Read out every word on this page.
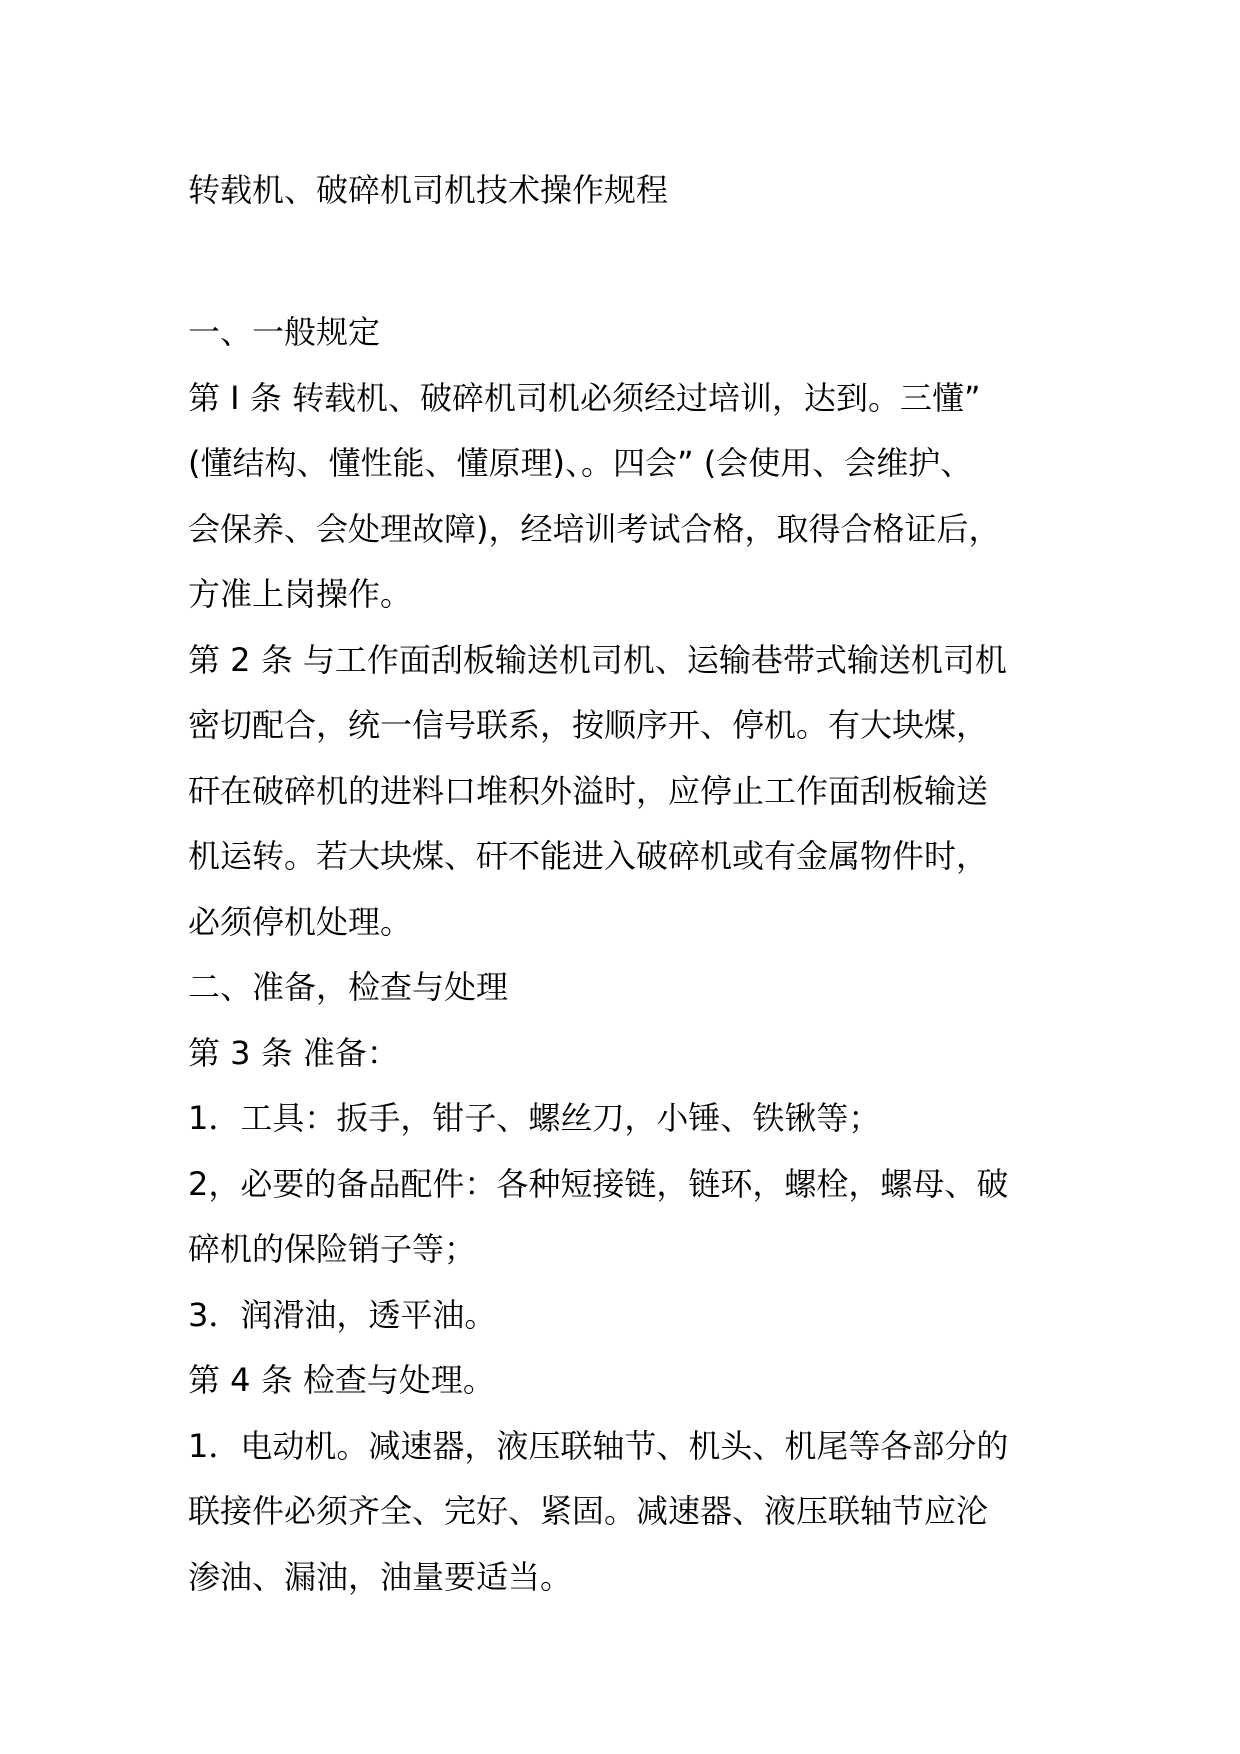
转载机、破碎机司机技术操作规程

一、一般规定

第 I 条 转载机、破碎机司机必须经过培训，达到。三懂”

(懂结构、懂性能、懂原理)、。四会” (会使用、会维护、

会保养、会处理故障)，经培训考试合格，取得合格证后，

方准上岗操作。

第 2 条 与工作面刮板输送机司机、运输巷带式输送机司机

密切配合，统一信号联系，按顺序开、停机。有大块煤，

矸在破碎机的进料口堆积外溢时，应停止工作面刮板输送

机运转。若大块煤、矸不能进入破碎机或有金属物件时，

必须停机处理。

二、准备，检查与处理

第 3 条 准备：

1．工具：扳手，钳子、螺丝刀，小锤、铁锹等；

2，必要的备品配件：各种短接链，链环，螺栓，螺母、破

碎机的保险销子等；

3．润滑油，透平油。

第 4 条 检查与处理。

1．电动机。减速器，液压联轴节、机头、机尾等各部分的

联接件必须齐全、完好、紧固。减速器、液压联轴节应沦

渗油、漏油，油量要适当。
